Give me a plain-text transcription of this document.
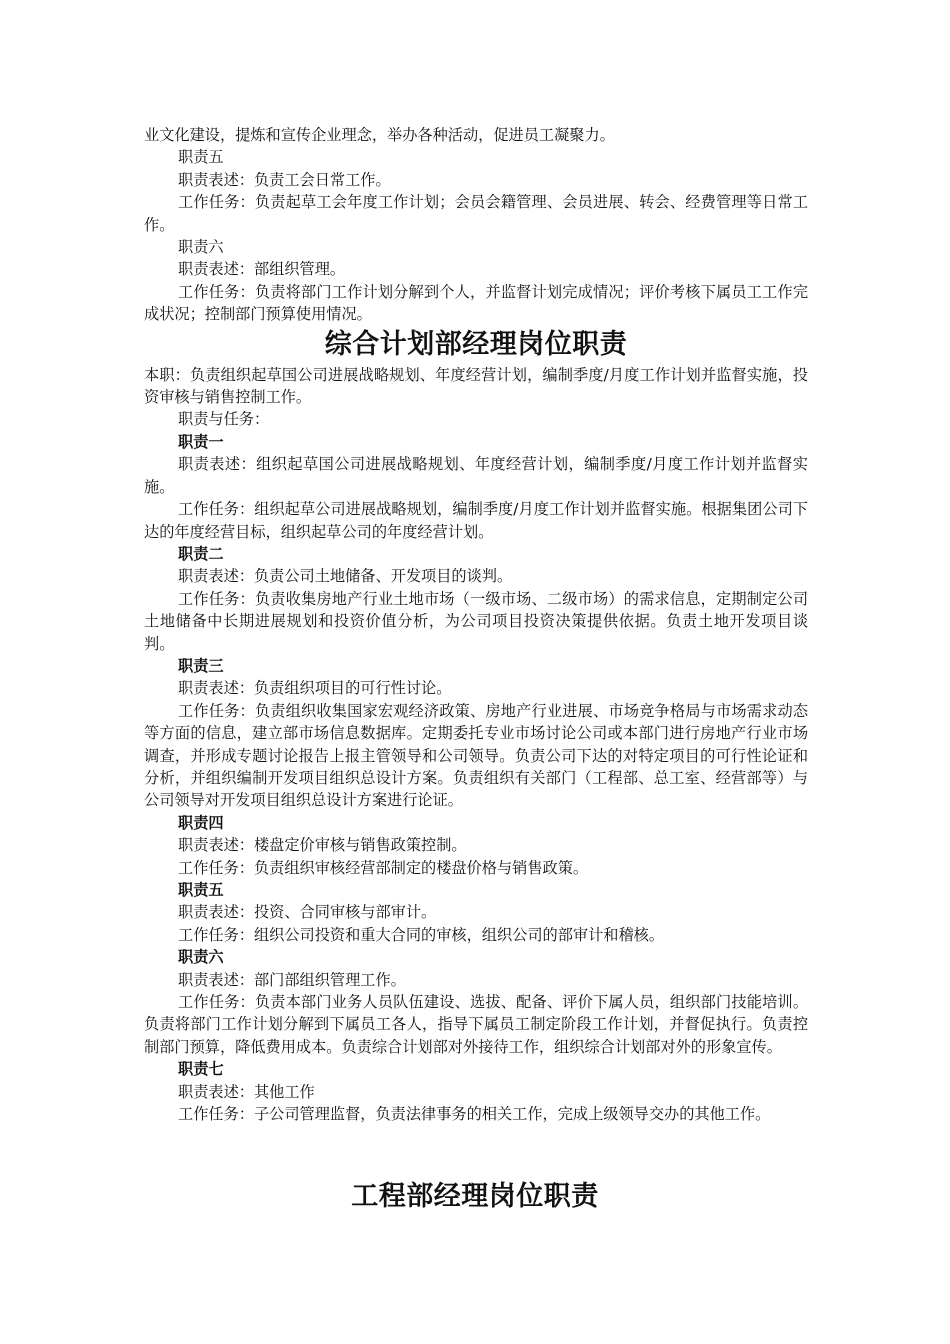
业文化建设，提炼和宣传企业理念，举办各种活动，促进员工凝聚力。

职责五

职责表述：负责工会日常工作。

工作任务：负责起草工会年度工作计划；会员会籍管理、会员进展、转会、经费管理等日常工作。

职责六

职责表述：部组织管理。

工作任务：负责将部门工作计划分解到个人，并监督计划完成情况；评价考核下属员工工作完成状况；控制部门预算使用情况。

综合计划部经理岗位职责

本职：负责组织起草国公司进展战略规划、年度经营计划，编制季度/月度工作计划并监督实施，投资审核与销售控制工作。

职责与任务：

职责一

职责表述：组织起草国公司进展战略规划、年度经营计划，编制季度/月度工作计划并监督实施。

工作任务：组织起草公司进展战略规划，编制季度/月度工作计划并监督实施。根据集团公司下达的年度经营目标，组织起草公司的年度经营计划。

职责二

职责表述：负责公司土地储备、开发项目的谈判。

工作任务：负责收集房地产行业土地市场（一级市场、二级市场）的需求信息，定期制定公司土地储备中长期进展规划和投资价值分析，为公司项目投资决策提供依据。负责土地开发项目谈判。

职责三

职责表述：负责组织项目的可行性讨论。

工作任务：负责组织收集国家宏观经济政策、房地产行业进展、市场竞争格局与市场需求动态等方面的信息，建立部市场信息数据库。定期委托专业市场讨论公司或本部门进行房地产行业市场调查，并形成专题讨论报告上报主管领导和公司领导。负责公司下达的对特定项目的可行性论证和分析，并组织编制开发项目组织总设计方案。负责组织有关部门（工程部、总工室、经营部等）与公司领导对开发项目组织总设计方案进行论证。

职责四

职责表述：楼盘定价审核与销售政策控制。

工作任务：负责组织审核经营部制定的楼盘价格与销售政策。

职责五

职责表述：投资、合同审核与部审计。

工作任务：组织公司投资和重大合同的审核，组织公司的部审计和稽核。

职责六

职责表述：部门部组织管理工作。

工作任务：负责本部门业务人员队伍建设、选拔、配备、评价下属人员，组织部门技能培训。负责将部门工作计划分解到下属员工各人，指导下属员工制定阶段工作计划，并督促执行。负责控制部门预算，降低费用成本。负责综合计划部对外接待工作，组织综合计划部对外的形象宣传。

职责七

职责表述：其他工作

工作任务：子公司管理监督，负责法律事务的相关工作，完成上级领导交办的其他工作。

工程部经理岗位职责
